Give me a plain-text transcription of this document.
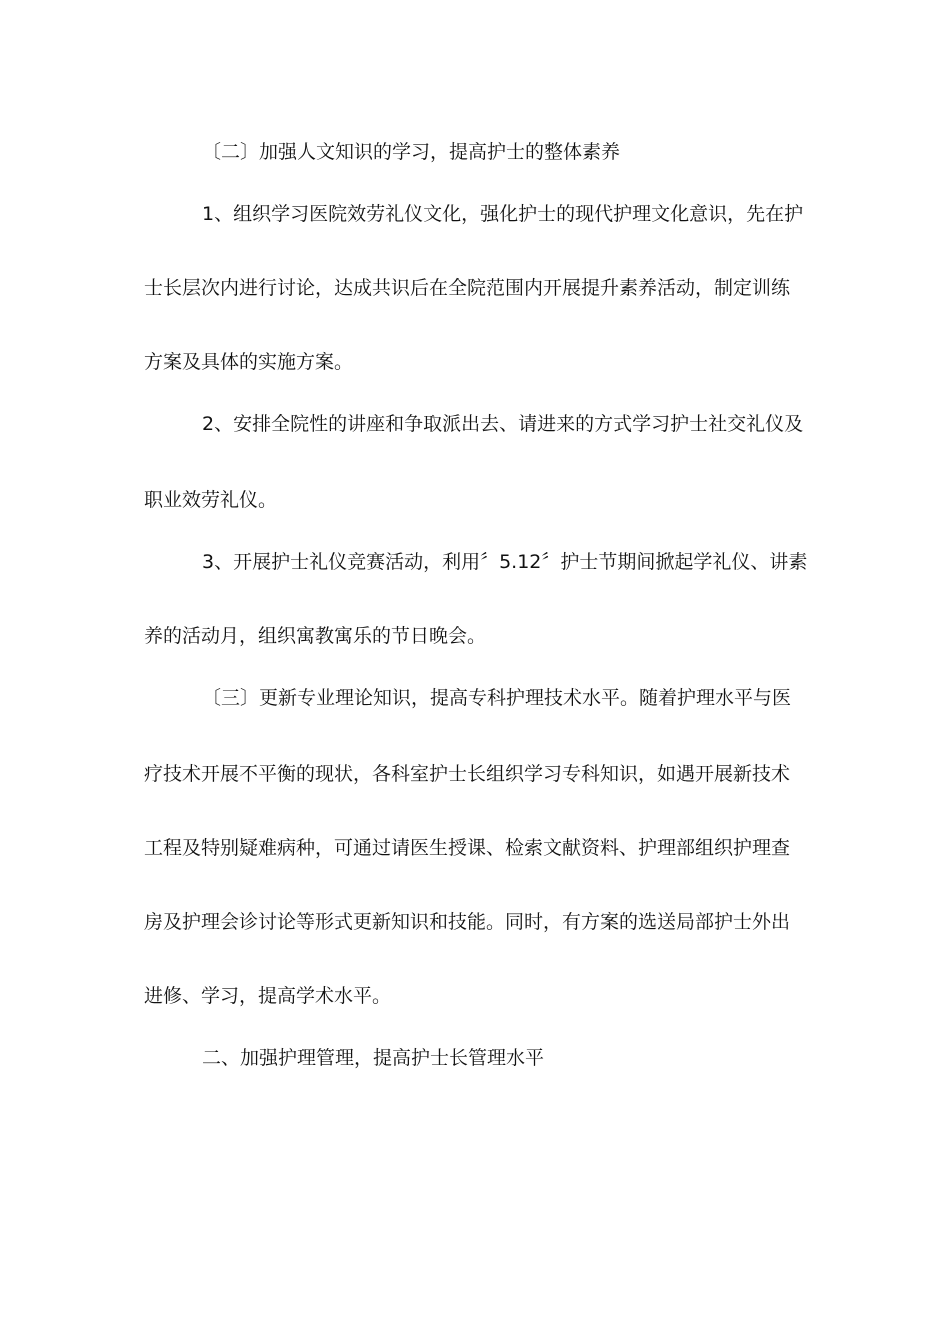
〔二〕加强人文知识的学习，提高护士的整体素养
1、组织学习医院效劳礼仪文化，强化护士的现代护理文化意识，先在护
士长层次内进行讨论，达成共识后在全院范围内开展提升素养活动，制定训练
方案及具体的实施方案。
2、安排全院性的讲座和争取派出去、请进来的方式学习护士社交礼仪及
职业效劳礼仪。
3、开展护士礼仪竞赛活动，利用〞5.12〞护士节期间掀起学礼仪、讲素
养的活动月，组织寓教寓乐的节日晚会。
〔三〕更新专业理论知识，提高专科护理技术水平。随着护理水平与医
疗技术开展不平衡的现状，各科室护士长组织学习专科知识，如遇开展新技术
工程及特别疑难病种，可通过请医生授课、检索文献资料、护理部组织护理查
房及护理会诊讨论等形式更新知识和技能。同时，有方案的选送局部护士外出
进修、学习，提高学术水平。
二、加强护理管理，提高护士长管理水平
